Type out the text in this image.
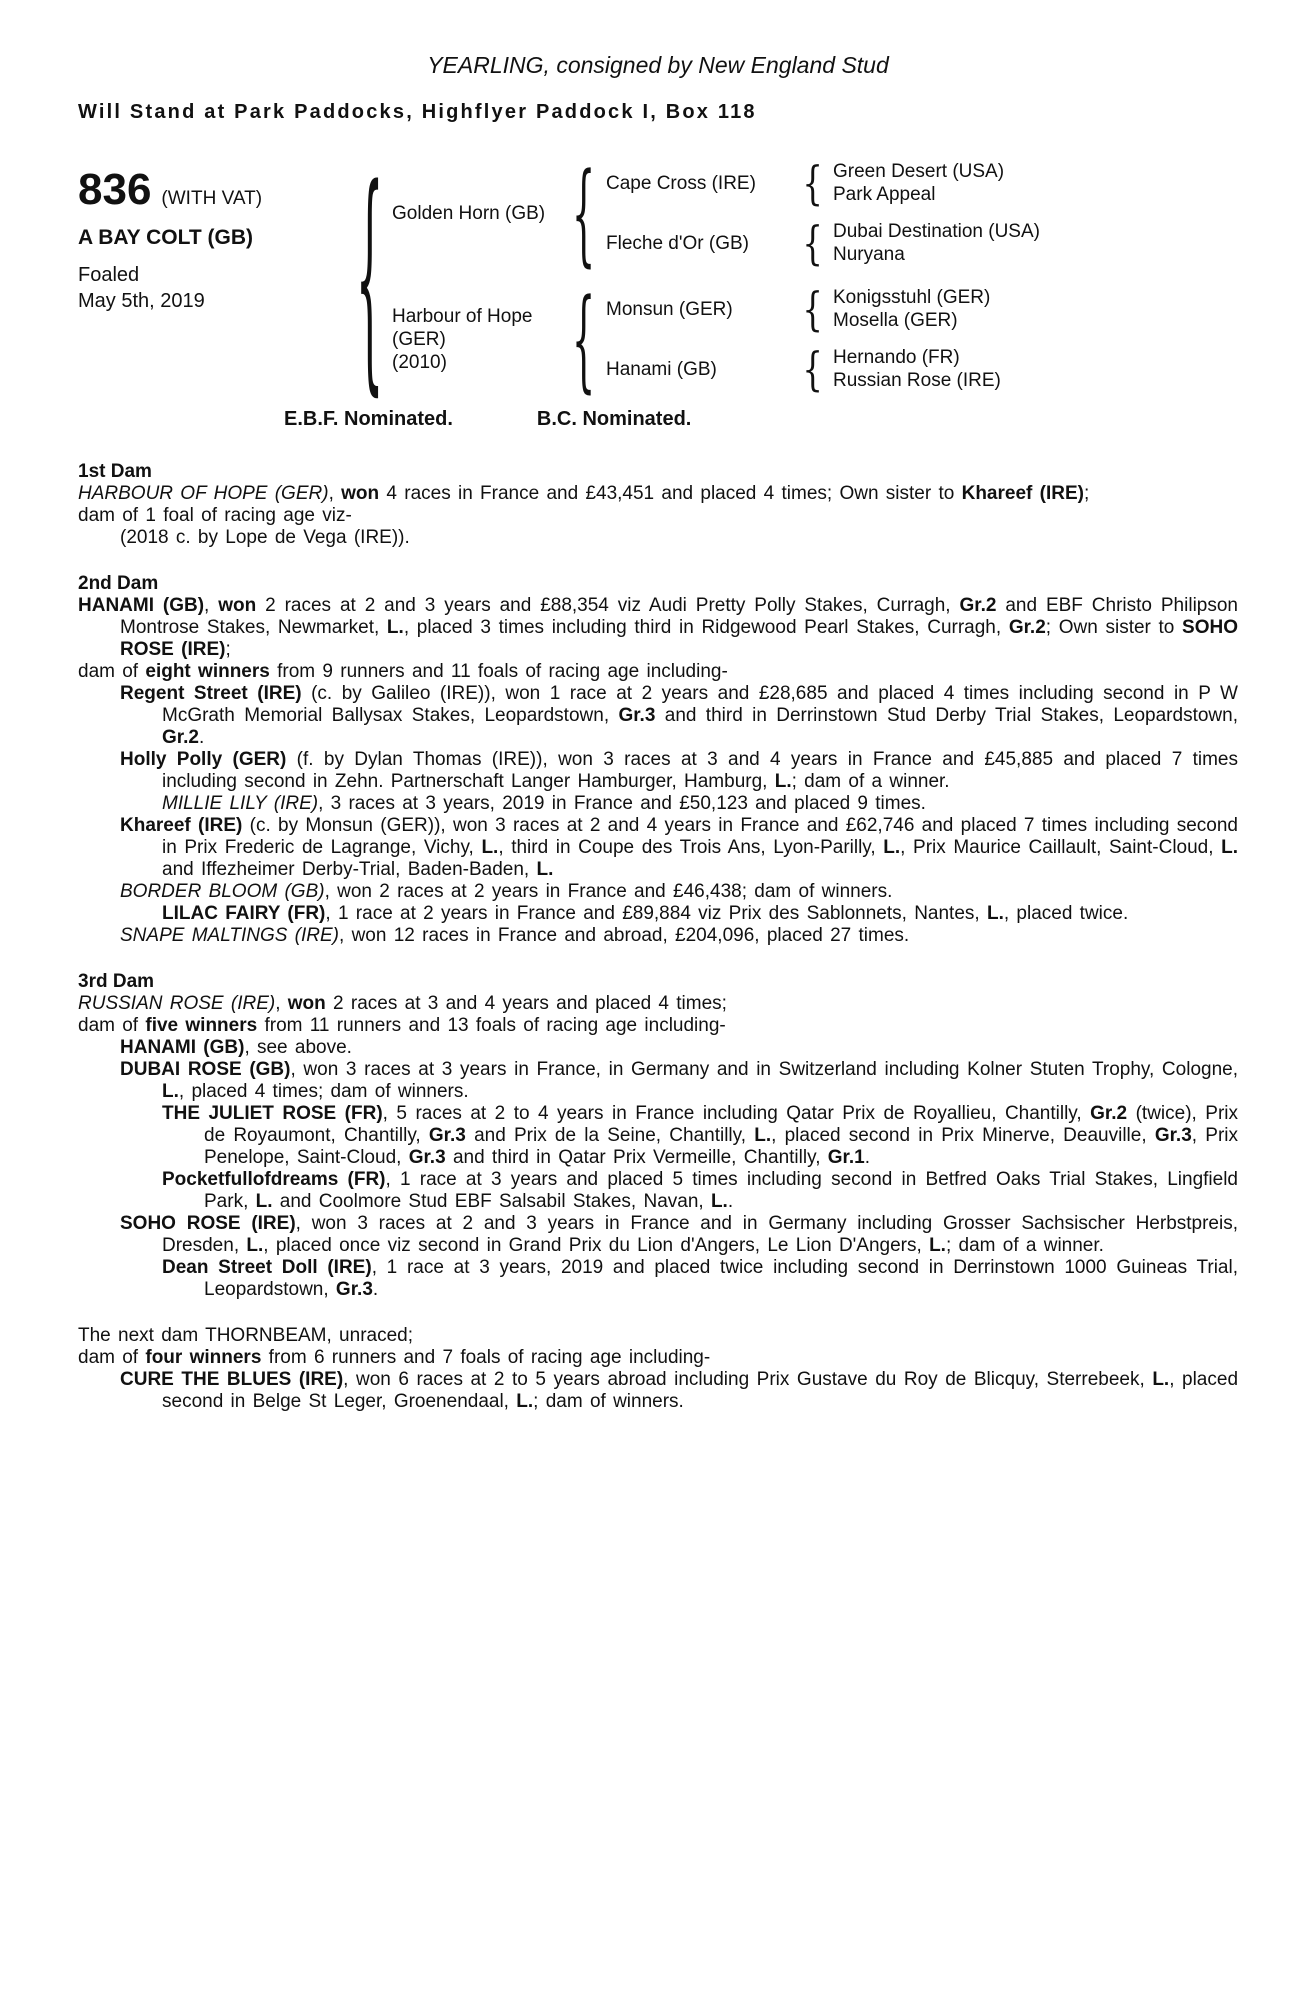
YEARLING, consigned by New England Stud
Will Stand at Park Paddocks, Highflyer Paddock I, Box 118
836 (WITH VAT)
A BAY COLT (GB)
Foaled
May 5th, 2019	{ Golden Horn (GB) { Cape Cross (IRE)	{ Green Desert (USA)
Park Appeal
Fleche d'Or (GB)	{ Dubai Destination (USA)
Nuryana
Harbour of Hope (GER)
(2010)	{ Monsun (GER)	{ Konigsstuhl (GER)
Mosella (GER)
Hanami (GB)	{ Hernando (FR)
Russian Rose (IRE)
E.B.F. Nominated.	B.C. Nominated.
1st Dam

HARBOUR OF HOPE (GER), won 4 races in France and £43,451 and placed 4 times; Own sister to Khareef (IRE);

dam of 1 foal of racing age viz-

(2018 c. by Lope de Vega (IRE)).

2nd Dam

HANAMI (GB), won 2 races at 2 and 3 years and £88,354 viz Audi Pretty Polly Stakes, Curragh, Gr.2 and EBF Christo Philipson Montrose Stakes, Newmarket, L., placed 3 times including third in Ridgewood Pearl Stakes, Curragh, Gr.2; Own sister to SOHO ROSE (IRE);

dam of eight winners from 9 runners and 11 foals of racing age including-

Regent Street (IRE) (c. by Galileo (IRE)), won 1 race at 2 years and £28,685 and placed 4 times including second in P W McGrath Memorial Ballysax Stakes, Leopardstown, Gr.3 and third in Derrinstown Stud Derby Trial Stakes, Leopardstown, Gr.2.

Holly Polly (GER) (f. by Dylan Thomas (IRE)), won 3 races at 3 and 4 years in France and £45,885 and placed 7 times including second in Zehn. Partnerschaft Langer Hamburger, Hamburg, L.; dam of a winner.

MILLIE LILY (IRE), 3 races at 3 years, 2019 in France and £50,123 and placed 9 times.

Khareef (IRE) (c. by Monsun (GER)), won 3 races at 2 and 4 years in France and £62,746 and placed 7 times including second in Prix Frederic de Lagrange, Vichy, L., third in Coupe des Trois Ans, Lyon-Parilly, L., Prix Maurice Caillault, Saint-Cloud, L. and Iffezheimer Derby-Trial, Baden-Baden, L.

BORDER BLOOM (GB), won 2 races at 2 years in France and £46,438; dam of winners.

LILAC FAIRY (FR), 1 race at 2 years in France and £89,884 viz Prix des Sablonnets, Nantes, L., placed twice.

SNAPE MALTINGS (IRE), won 12 races in France and abroad, £204,096, placed 27 times.

3rd Dam

RUSSIAN ROSE (IRE), won 2 races at 3 and 4 years and placed 4 times;

dam of five winners from 11 runners and 13 foals of racing age including-

HANAMI (GB), see above.

DUBAI ROSE (GB), won 3 races at 3 years in France, in Germany and in Switzerland including Kolner Stuten Trophy, Cologne, L., placed 4 times; dam of winners.

THE JULIET ROSE (FR), 5 races at 2 to 4 years in France including Qatar Prix de Royallieu, Chantilly, Gr.2 (twice), Prix de Royaumont, Chantilly, Gr.3 and Prix de la Seine, Chantilly, L., placed second in Prix Minerve, Deauville, Gr.3, Prix Penelope, Saint-Cloud, Gr.3 and third in Qatar Prix Vermeille, Chantilly, Gr.1.

Pocketfullofdreams (FR), 1 race at 3 years and placed 5 times including second in Betfred Oaks Trial Stakes, Lingfield Park, L. and Coolmore Stud EBF Salsabil Stakes, Navan, L..

SOHO ROSE (IRE), won 3 races at 2 and 3 years in France and in Germany including Grosser Sachsischer Herbstpreis, Dresden, L., placed once viz second in Grand Prix du Lion d'Angers, Le Lion D'Angers, L.; dam of a winner.

Dean Street Doll (IRE), 1 race at 3 years, 2019 and placed twice including second in Derrinstown 1000 Guineas Trial, Leopardstown, Gr.3.

The next dam THORNBEAM, unraced;

dam of four winners from 6 runners and 7 foals of racing age including-

CURE THE BLUES (IRE), won 6 races at 2 to 5 years abroad including Prix Gustave du Roy de Blicquy, Sterrebeek, L., placed second in Belge St Leger, Groenendaal, L.; dam of winners.
